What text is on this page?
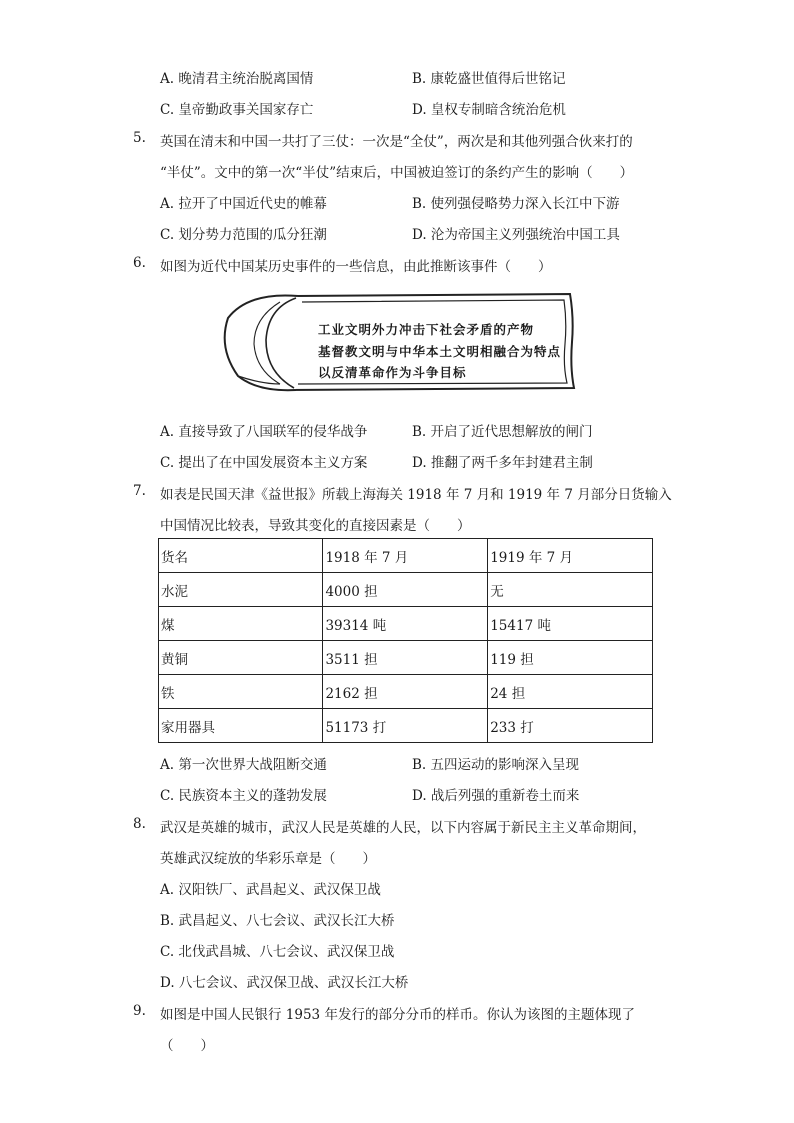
A. 晚清君主统治脱离国情	B. 康乾盛世值得后世铭记
C. 皇帝勤政事关国家存亡	D. 皇权专制暗含统治危机
5. 英国在清末和中国一共打了三仗：一次是“全仗”，两次是和其他列强合伙来打的
“半仗”。文中的第一次“半仗”结束后，中国被迫签订的条约产生的影响（　　）
A. 拉开了中国近代史的帷幕	B. 使列强侵略势力深入长江中下游
C. 划分势力范围的瓜分狂潮	D. 沦为帝国主义列强统治中国工具
6. 如图为近代中国某历史事件的一些信息，由此推断该事件（　　）
工业文明外力冲击下社会矛盾的产物
基督教文明与中华本土文明相融合为特点
以反清革命作为斗争目标
A. 直接导致了八国联军的侵华战争	B. 开启了近代思想解放的闸门
C. 提出了在中国发展资本主义方案	D. 推翻了两千多年封建君主制
7. 如表是民国天津《益世报》所载上海海关 1918 年 7 月和 1919 年 7 月部分日货输入
中国情况比较表，导致其变化的直接因素是（　　）
货名	1918 年 7 月	1919 年 7 月
水泥	4000 担	无
煤	39314 吨	15417 吨
黄铜	3511 担	119 担
铁	2162 担	24 担
家用器具	51173 打	233 打
A. 第一次世界大战阻断交通	B. 五四运动的影响深入呈现
C. 民族资本主义的蓬勃发展	D. 战后列强的重新卷土而来
8. 武汉是英雄的城市，武汉人民是英雄的人民，以下内容属于新民主主义革命期间，
英雄武汉绽放的华彩乐章是（　　）
A. 汉阳铁厂、武昌起义、武汉保卫战
B. 武昌起义、八七会议、武汉长江大桥
C. 北伐武昌城、八七会议、武汉保卫战
D. 八七会议、武汉保卫战、武汉长江大桥
9. 如图是中国人民银行 1953 年发行的部分分币的样币。你认为该图的主题体现了
（　　）
